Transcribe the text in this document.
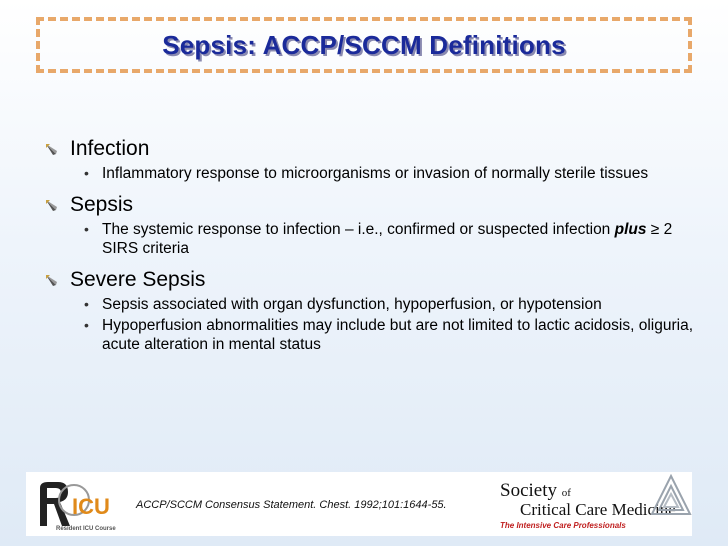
Sepsis: ACCP/SCCM Definitions
Infection
• Inflammatory response to microorganisms or invasion of normally sterile tissues
Sepsis
• The systemic response to infection – i.e., confirmed or suspected infection plus ≥ 2 SIRS criteria
Severe Sepsis
• Sepsis associated with organ dysfunction, hypoperfusion, or hypotension
• Hypoperfusion abnormalities may include but are not limited to lactic acidosis, oliguria, acute alteration in mental status
ICU
Resident ICU Course
ACCP/SCCM Consensus Statement. Chest. 1992;101:1644-55.
Society of
Critical Care Medicine
The Intensive Care Professionals
